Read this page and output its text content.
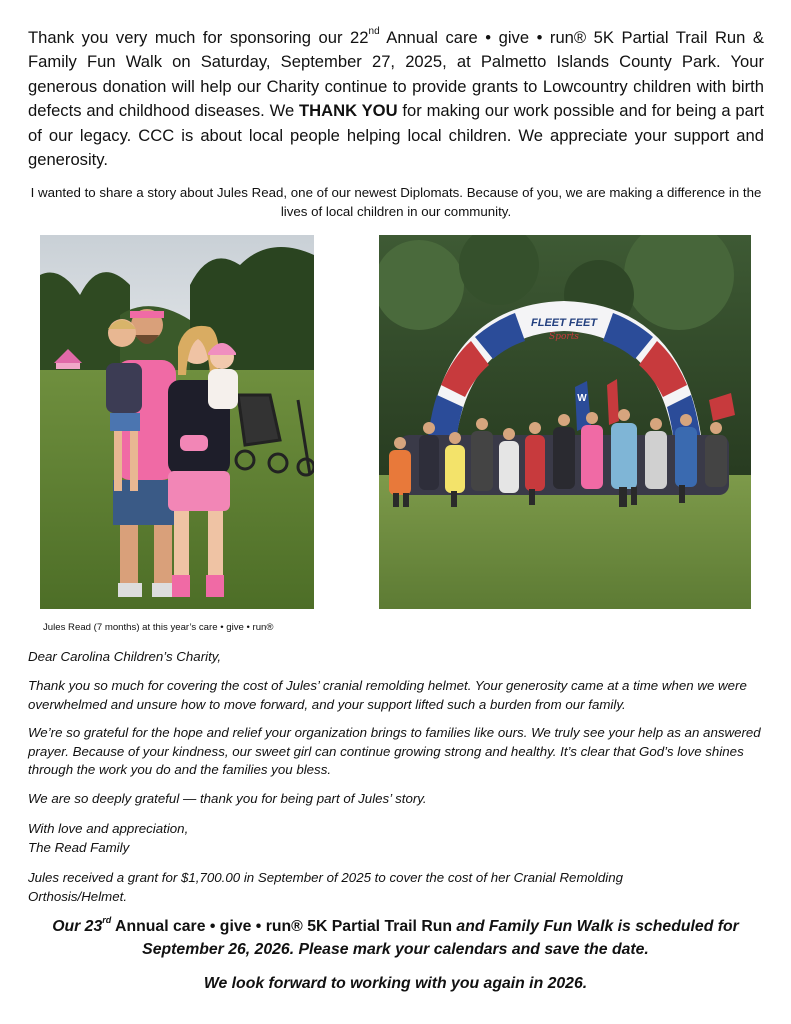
Thank you very much for sponsoring our 22nd Annual care • give • run® 5K Partial Trail Run & Family Fun Walk on Saturday, September 27, 2025, at Palmetto Islands County Park. Your generous donation will help our Charity continue to provide grants to Lowcountry children with birth defects and childhood diseases. We THANK YOU for making our work possible and for being a part of our legacy. CCC is about local people helping local children. We appreciate your support and generosity.

I wanted to share a story about Jules Read, one of our newest Diplomats. Because of you, we are making a difference in the lives of local children in our community.

FLEET FEET
Sports
W

Jules Read (7 months) at this year’s care • give • run®

Dear Carolina Children’s Charity,

Thank you so much for covering the cost of Jules’ cranial remolding helmet. Your generosity came at a time when we were overwhelmed and unsure how to move forward, and your support lifted such a burden from our family.

We’re so grateful for the hope and relief your organization brings to families like ours. We truly see your help as an answered prayer. Because of your kindness, our sweet girl can continue growing strong and healthy. It’s clear that God’s love shines through the work you do and the families you bless.

We are so deeply grateful — thank you for being part of Jules’ story.

With love and appreciation,

The Read Family

Jules received a grant for $1,700.00 in September of 2025 to cover the cost of her Cranial Remolding Orthosis/Helmet.

Our 23rd Annual care • give • run® 5K Partial Trail Run and Family Fun Walk is scheduled for September 26, 2026. Please mark your calendars and save the date.

We look forward to working with you again in 2026.
